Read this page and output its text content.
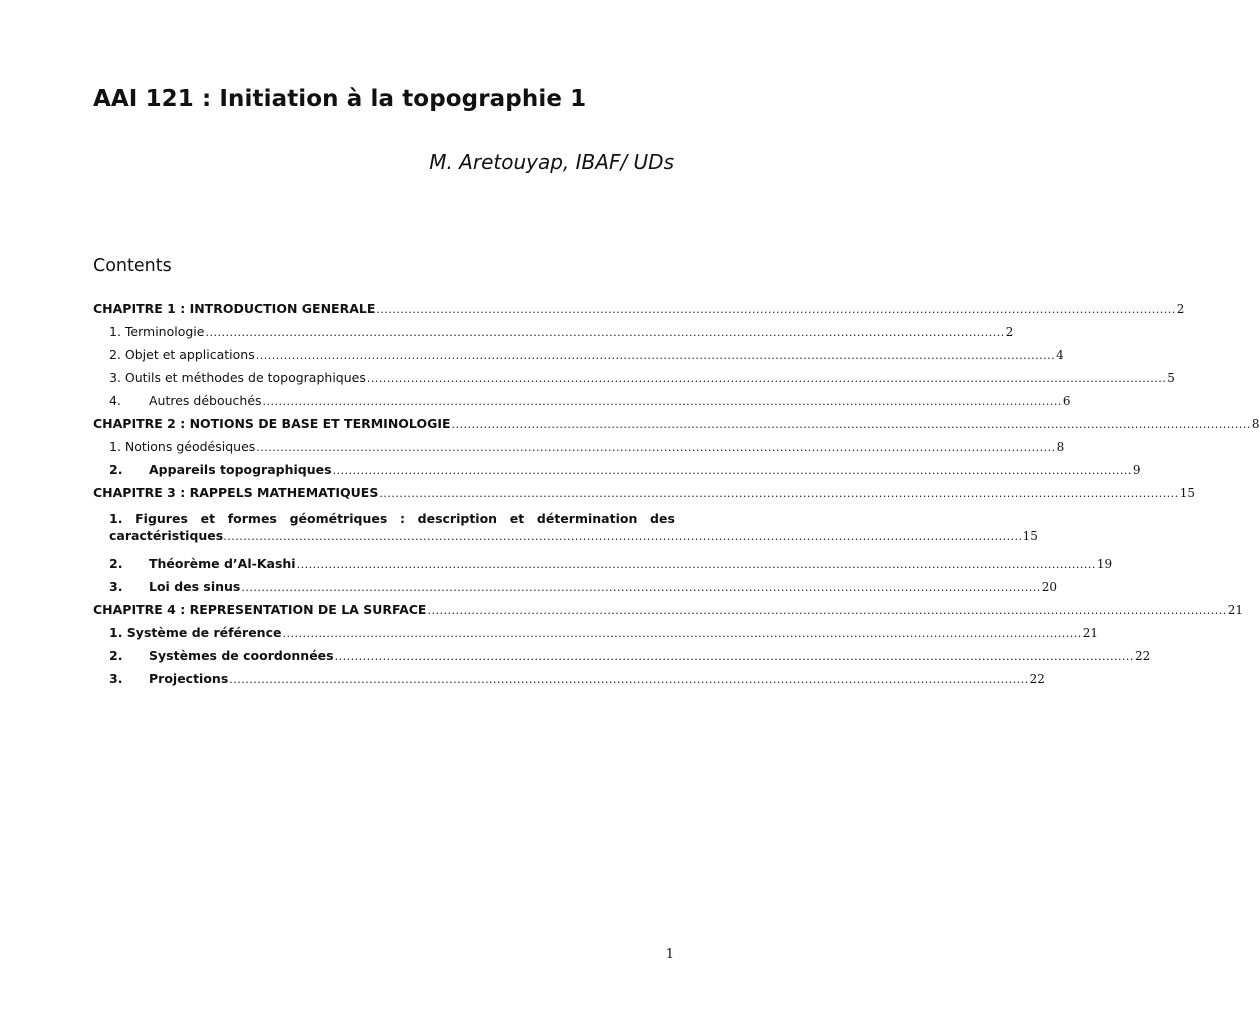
AAI 121 : Initiation à la topographie 1

M. Aretouyap, IBAF/ UDs

Contents
CHAPITRE 1 : INTRODUCTION GENERALE ........................................................................................................................................................................................................ 2
1. Terminologie ........................................................................................................................................................................................................ 2
2. Objet et applications ........................................................................................................................................................................................................ 4
3. Outils et méthodes de topographiques ........................................................................................................................................................................................................ 5
4.	Autres débouchés ........................................................................................................................................................................................................ 6
CHAPITRE 2 : NOTIONS DE BASE ET TERMINOLOGIE ........................................................................................................................................................................................................ 8
1. Notions géodésiques ........................................................................................................................................................................................................ 8
2.	Appareils topographiques ........................................................................................................................................................................................................ 9
CHAPITRE 3 : RAPPELS MATHEMATIQUES ........................................................................................................................................................................................................ 15
1. Figures et formes géométriques : description et détermination des
caractéristiques ........................................................................................................................................................................................................ 15
2.	Théorème d’Al-Kashi ........................................................................................................................................................................................................ 19
3.	Loi des sinus ........................................................................................................................................................................................................ 20
CHAPITRE 4 : REPRESENTATION DE LA SURFACE ........................................................................................................................................................................................................ 21
1. Système de référence ........................................................................................................................................................................................................ 21
2.	Systèmes de coordonnées ........................................................................................................................................................................................................ 22
3.	Projections ........................................................................................................................................................................................................ 22
1
